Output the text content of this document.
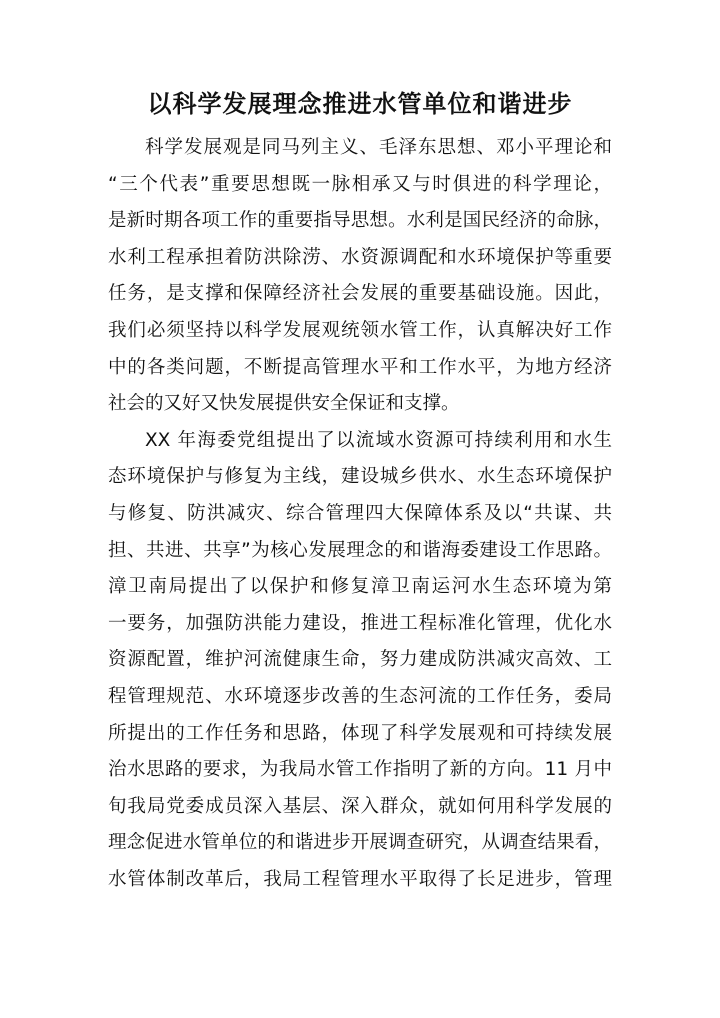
以科学发展理念推进水管单位和谐进步
科学发展观是同马列主义、毛泽东思想、邓小平理论和
“三个代表”重要思想既一脉相承又与时俱进的科学理论，
是新时期各项工作的重要指导思想。水利是国民经济的命脉，
水利工程承担着防洪除涝、水资源调配和水环境保护等重要
任务，是支撑和保障经济社会发展的重要基础设施。因此，
我们必须坚持以科学发展观统领水管工作，认真解决好工作
中的各类问题，不断提高管理水平和工作水平，为地方经济
社会的又好又快发展提供安全保证和支撑。
XX 年海委党组提出了以流域水资源可持续利用和水生
态环境保护与修复为主线，建设城乡供水、水生态环境保护
与修复、防洪减灾、综合管理四大保障体系及以“共谋、共
担、共进、共享”为核心发展理念的和谐海委建设工作思路。
漳卫南局提出了以保护和修复漳卫南运河水生态环境为第
一要务，加强防洪能力建设，推进工程标准化管理，优化水
资源配置，维护河流健康生命，努力建成防洪减灾高效、工
程管理规范、水环境逐步改善的生态河流的工作任务，委局
所提出的工作任务和思路，体现了科学发展观和可持续发展
治水思路的要求，为我局水管工作指明了新的方向。11 月中
旬我局党委成员深入基层、深入群众，就如何用科学发展的
理念促进水管单位的和谐进步开展调查研究，从调查结果看，
水管体制改革后，我局工程管理水平取得了长足进步，管理
